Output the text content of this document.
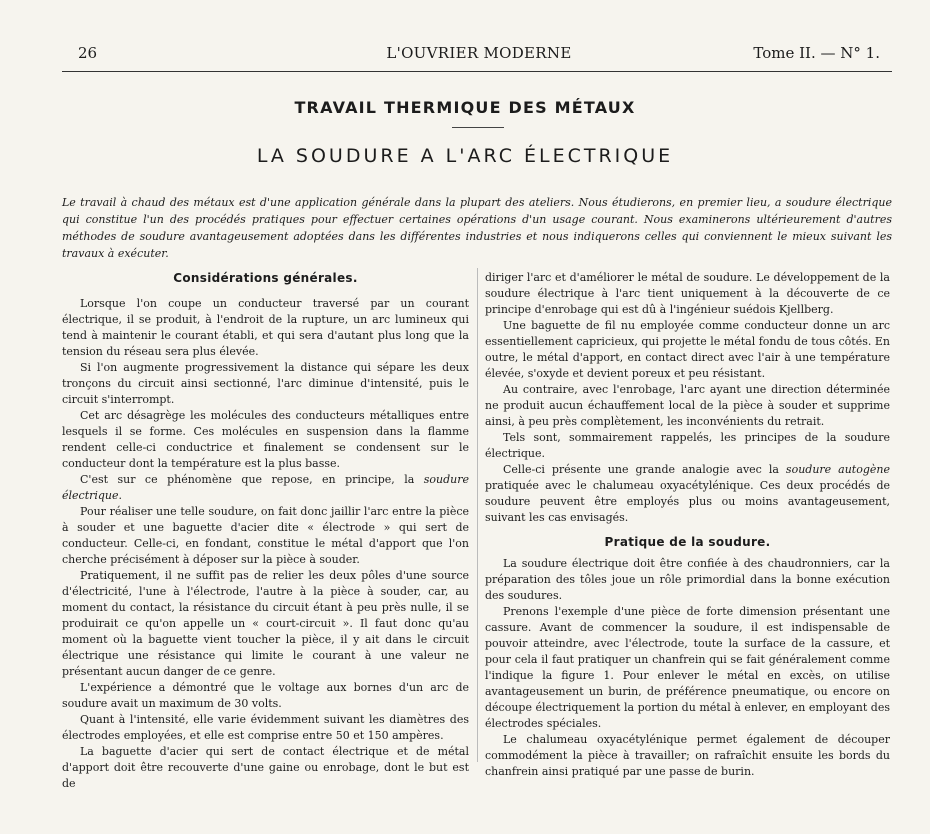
26	L'OUVRIER MODERNE	Tome II. — N° 1.
TRAVAIL THERMIQUE DES MÉTAUX
LA SOUDURE A L'ARC ÉLECTRIQUE
Le travail à chaud des métaux est d'une application générale dans la plupart des ateliers. Nous étudierons, en premier lieu, a soudure électrique qui constitue l'un des procédés pratiques pour effectuer certaines opérations d'un usage courant. Nous examinerons ultérieurement d'autres méthodes de soudure avantageusement adoptées dans les différentes industries et nous indiquerons celles qui conviennent le mieux suivant les travaux à exécuter.
Considérations générales.

Lorsque l'on coupe un conducteur traversé par un courant électrique, il se produit, à l'endroit de la rupture, un arc lumineux qui tend à maintenir le courant établi, et qui sera d'autant plus long que la tension du réseau sera plus élevée.

Si l'on augmente progressivement la distance qui sépare les deux tronçons du circuit ainsi sectionné, l'arc diminue d'intensité, puis le circuit s'interrompt.

Cet arc désagrège les molécules des conducteurs métalliques entre lesquels il se forme. Ces molécules en suspension dans la flamme rendent celle-ci conductrice et finalement se condensent sur le conducteur dont la température est la plus basse.

C'est sur ce phénomène que repose, en principe, la soudure électrique.

Pour réaliser une telle soudure, on fait donc jaillir l'arc entre la pièce à souder et une baguette d'acier dite « électrode » qui sert de conducteur. Celle-ci, en fondant, constitue le métal d'apport que l'on cherche précisément à déposer sur la pièce à souder.

Pratiquement, il ne suffit pas de relier les deux pôles d'une source d'électricité, l'une à l'électrode, l'autre à la pièce à souder, car, au moment du contact, la résistance du circuit étant à peu près nulle, il se produirait ce qu'on appelle un « court-circuit ». Il faut donc qu'au moment où la baguette vient toucher la pièce, il y ait dans le circuit électrique une résistance qui limite le courant à une valeur ne présentant aucun danger de ce genre.

L'expérience a démontré que le voltage aux bornes d'un arc de soudure avait un maximum de 30 volts.

Quant à l'intensité, elle varie évidemment suivant les diamètres des électrodes employées, et elle est comprise entre 50 et 150 ampères.

La baguette d'acier qui sert de contact électrique et de métal d'apport doit être recouverte d'une gaine ou enrobage, dont le but est de

diriger l'arc et d'améliorer le métal de soudure. Le développement de la soudure électrique à l'arc tient uniquement à la découverte de ce principe d'enrobage qui est dû à l'ingénieur suédois Kjellberg.

Une baguette de fil nu employée comme conducteur donne un arc essentiellement capricieux, qui projette le métal fondu de tous côtés. En outre, le métal d'apport, en contact direct avec l'air à une température élevée, s'oxyde et devient poreux et peu résistant.

Au contraire, avec l'enrobage, l'arc ayant une direction déterminée ne produit aucun échauffement local de la pièce à souder et supprime ainsi, à peu près complètement, les inconvénients du retrait.

Tels sont, sommairement rappelés, les principes de la soudure électrique.

Celle-ci présente une grande analogie avec la soudure autogène pratiquée avec le chalumeau oxyacétylénique. Ces deux procédés de soudure peuvent être employés plus ou moins avantageusement, suivant les cas envisagés.

Pratique de la soudure.

La soudure électrique doit être confiée à des chaudronniers, car la préparation des tôles joue un rôle primordial dans la bonne exécution des soudures.

Prenons l'exemple d'une pièce de forte dimension présentant une cassure. Avant de commencer la soudure, il est indispensable de pouvoir atteindre, avec l'électrode, toute la surface de la cassure, et pour cela il faut pratiquer un chanfrein qui se fait généralement comme l'indique la figure 1. Pour enlever le métal en excès, on utilise avantageusement un burin, de préférence pneumatique, ou encore on découpe électriquement la portion du métal à enlever, en employant des électrodes spéciales.

Le chalumeau oxyacétylénique permet également de découper commodément la pièce à travailler; on rafraîchit ensuite les bords du chanfrein ainsi pratiqué par une passe de burin.
